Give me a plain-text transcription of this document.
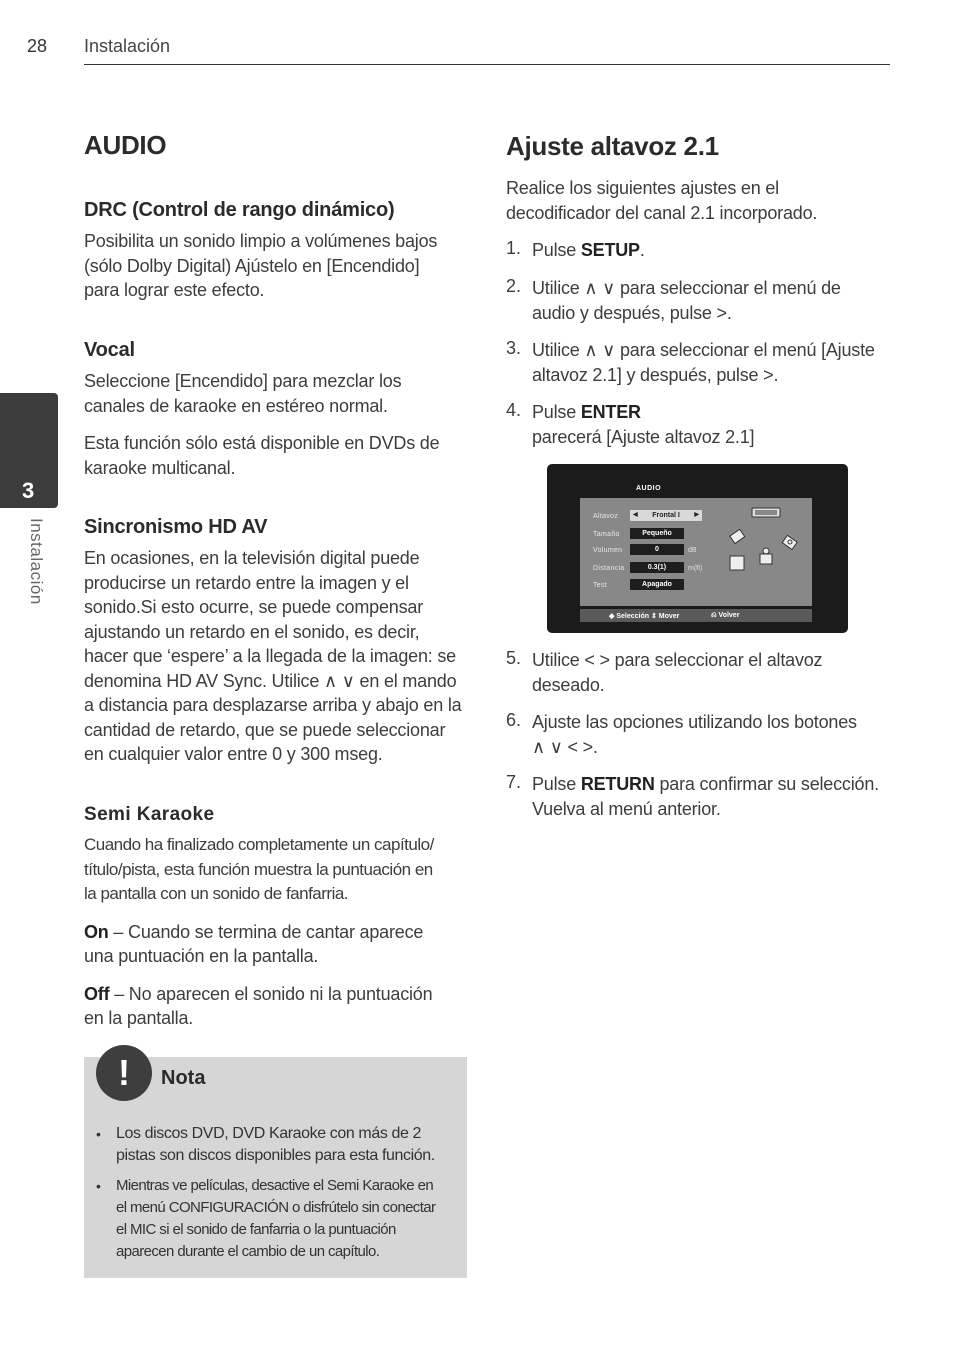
28 Instalación
3
Instalación
AUDIO
DRC (Control de rango dinámico)

Posibilita un sonido limpio a volúmenes bajos

(sólo Dolby Digital) Ajústelo en [Encendido]

para lograr este efecto.

Vocal

Seleccione [Encendido] para mezclar los

canales de karaoke en estéreo normal.

Esta función sólo está disponible en DVDs de

karaoke multicanal.

Sincronismo HD AV

En ocasiones, en la televisión digital puede

producirse un retardo entre la imagen y el

sonido.Si esto ocurre, se puede compensar

ajustando un retardo en el sonido, es decir,

hacer que ‘espere’ a la llegada de la imagen: se

denomina HD AV Sync. Utilice ∧ ∨ en el mando

a distancia para desplazarse arriba y abajo en la

cantidad de retardo, que se puede seleccionar

en cualquier valor entre 0 y 300 mseg.

Semi Karaoke

Cuando ha finalizado completamente un capítulo/

título/pista, esta función muestra la puntuación en

la pantalla con un sonido de fanfarria.

On – Cuando se termina de cantar aparece

una puntuación en la pantalla.

Off – No aparecen el sonido ni la puntuación

en la pantalla.

!	Nota
• Los discos DVD, DVD Karaoke con más de 2
pistas son discos disponibles para esta función.
• Mientras ve películas, desactive el Semi Karaoke en
el menú CONFIGURACIÓN o disfrútelo sin conectar
el MIC si el sonido de fanfarria o la puntuación
aparecen durante el cambio de un capítulo.
Ajuste altavoz 2.1

Realice los siguientes ajustes en el

decodificador del canal 2.1 incorporado.

1. Pulse SETUP.
2. Utilice ∧ ∨ para seleccionar el menú de
audio y después, pulse >.
3. Utilice ∧ ∨ para seleccionar el menú [Ajuste
altavoz 2.1] y después, pulse >.
4. Pulse ENTER
parecerá [Ajuste altavoz 2.1]
AUDIO
Altavoz ◀ Frontal I ▶
Tamaño	Pequeño
Volumen	0	dB
Distancia	0.3(1)	m(ft)
Test	Apagado
◆ Selección ⇕ Mover	⎌ Volver
5. Utilice < > para seleccionar el altavoz
deseado.
6. Ajuste las opciones utilizando los botones
∧ ∨ < >.
7. Pulse RETURN para confirmar su selección.
Vuelva al menú anterior.
